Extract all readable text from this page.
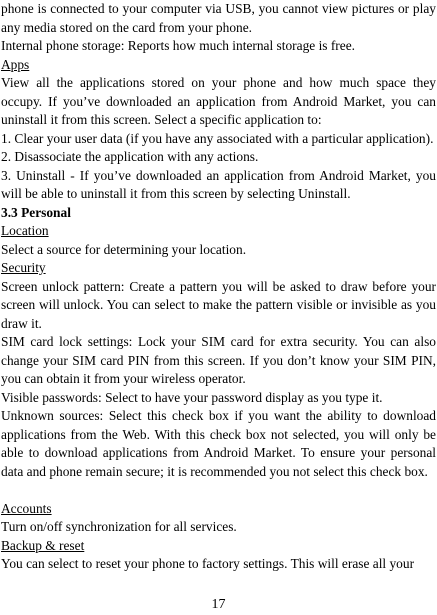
phone is connected to your computer via USB, you cannot view pictures or play any media stored on the card from your phone.

Internal phone storage: Reports how much internal storage is free.

Apps

View all the applications stored on your phone and how much space they occupy. If you’ve downloaded an application from Android Market, you can uninstall it from this screen. Select a specific application to:

1. Clear your user data (if you have any associated with a particular application).

2. Disassociate the application with any actions.

3. Uninstall - If you’ve downloaded an application from Android Market, you will be able to uninstall it from this screen by selecting Uninstall.

3.3 Personal

Location

Select a source for determining your location.

Security

Screen unlock pattern: Create a pattern you will be asked to draw before your screen will unlock. You can select to make the pattern visible or invisible as you draw it.

SIM card lock settings: Lock your SIM card for extra security. You can also change your SIM card PIN from this screen. If you don’t know your SIM PIN, you can obtain it from your wireless operator.

Visible passwords: Select to have your password display as you type it.

Unknown sources: Select this check box if you want the ability to download applications from the Web. With this check box not selected, you will only be able to download applications from Android Market. To ensure your personal data and phone remain secure; it is recommended you not select this check box.

Accounts

Turn on/off synchronization for all services.

Backup & reset

You can select to reset your phone to factory settings. This will erase all your

17
